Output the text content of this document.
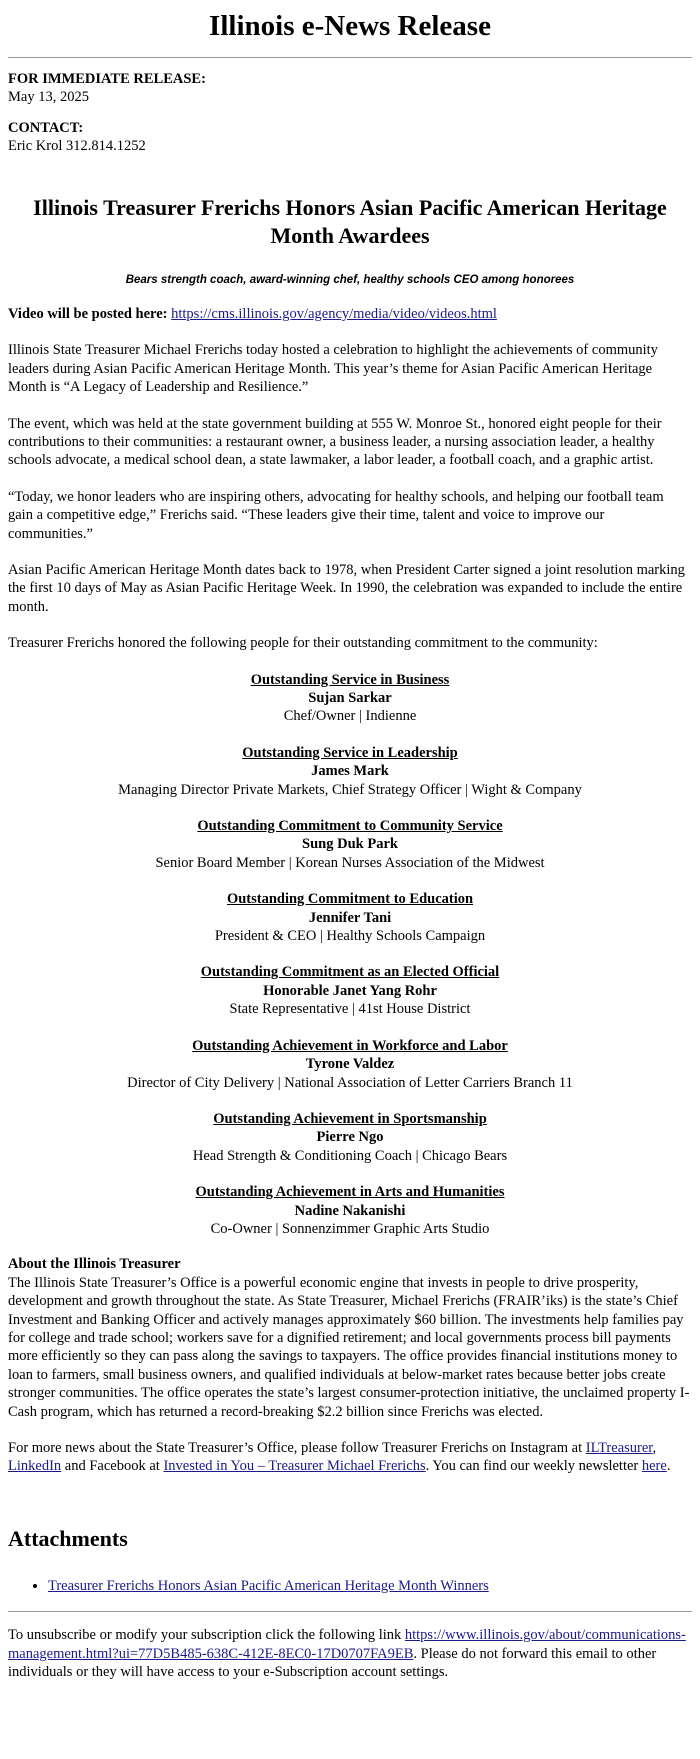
Illinois e-News Release
FOR IMMEDIATE RELEASE:
May 13, 2025
CONTACT:
Eric Krol 312.814.1252
Illinois Treasurer Frerichs Honors Asian Pacific American Heritage Month Awardees
Bears strength coach, award-winning chef, healthy schools CEO among honorees

Video will be posted here: https://cms.illinois.gov/agency/media/video/videos.html

Illinois State Treasurer Michael Frerichs today hosted a celebration to highlight the achievements of community leaders during Asian Pacific American Heritage Month. This year’s theme for Asian Pacific American Heritage Month is “A Legacy of Leadership and Resilience.”

The event, which was held at the state government building at 555 W. Monroe St., honored eight people for their contributions to their communities: a restaurant owner, a business leader, a nursing association leader, a healthy schools advocate, a medical school dean, a state lawmaker, a labor leader, a football coach, and a graphic artist.

“Today, we honor leaders who are inspiring others, advocating for healthy schools, and helping our football team gain a competitive edge,” Frerichs said. “These leaders give their time, talent and voice to improve our communities.”

Asian Pacific American Heritage Month dates back to 1978, when President Carter signed a joint resolution marking the first 10 days of May as Asian Pacific Heritage Week. In 1990, the celebration was expanded to include the entire month.

Treasurer Frerichs honored the following people for their outstanding commitment to the community:

Outstanding Service in Business
Sujan Sarkar
Chef/Owner | Indienne
Outstanding Service in Leadership
James Mark
Managing Director Private Markets, Chief Strategy Officer | Wight & Company
Outstanding Commitment to Community Service
Sung Duk Park
Senior Board Member | Korean Nurses Association of the Midwest
Outstanding Commitment to Education
Jennifer Tani
President & CEO | Healthy Schools Campaign
Outstanding Commitment as an Elected Official
Honorable Janet Yang Rohr
State Representative | 41st House District
Outstanding Achievement in Workforce and Labor
Tyrone Valdez
Director of City Delivery | National Association of Letter Carriers Branch 11
Outstanding Achievement in Sportsmanship
Pierre Ngo
Head Strength & Conditioning Coach | Chicago Bears
Outstanding Achievement in Arts and Humanities
Nadine Nakanishi
Co-Owner | Sonnenzimmer Graphic Arts Studio
About the Illinois Treasurer

The Illinois State Treasurer’s Office is a powerful economic engine that invests in people to drive prosperity, development and growth throughout the state. As State Treasurer, Michael Frerichs (FRAIR’iks) is the state’s Chief Investment and Banking Officer and actively manages approximately $60 billion. The investments help families pay for college and trade school; workers save for a dignified retirement; and local governments process bill payments more efficiently so they can pass along the savings to taxpayers. The office provides financial institutions money to loan to farmers, small business owners, and qualified individuals at below-market rates because better jobs create stronger communities. The office operates the state’s largest consumer-protection initiative, the unclaimed property I-Cash program, which has returned a record-breaking $2.2 billion since Frerichs was elected.

For more news about the State Treasurer’s Office, please follow Treasurer Frerichs on Instagram at ILTreasurer, LinkedIn and Facebook at Invested in You – Treasurer Michael Frerichs. You can find our weekly newsletter here.

Attachments
• Treasurer Frerichs Honors Asian Pacific American Heritage Month Winners

To unsubscribe or modify your subscription click the following link https://www.illinois.gov/about/communications-management.html?ui=77D5B485-638C-412E-8EC0-17D0707FA9EB. Please do not forward this email to other individuals or they will have access to your e-Subscription account settings.
